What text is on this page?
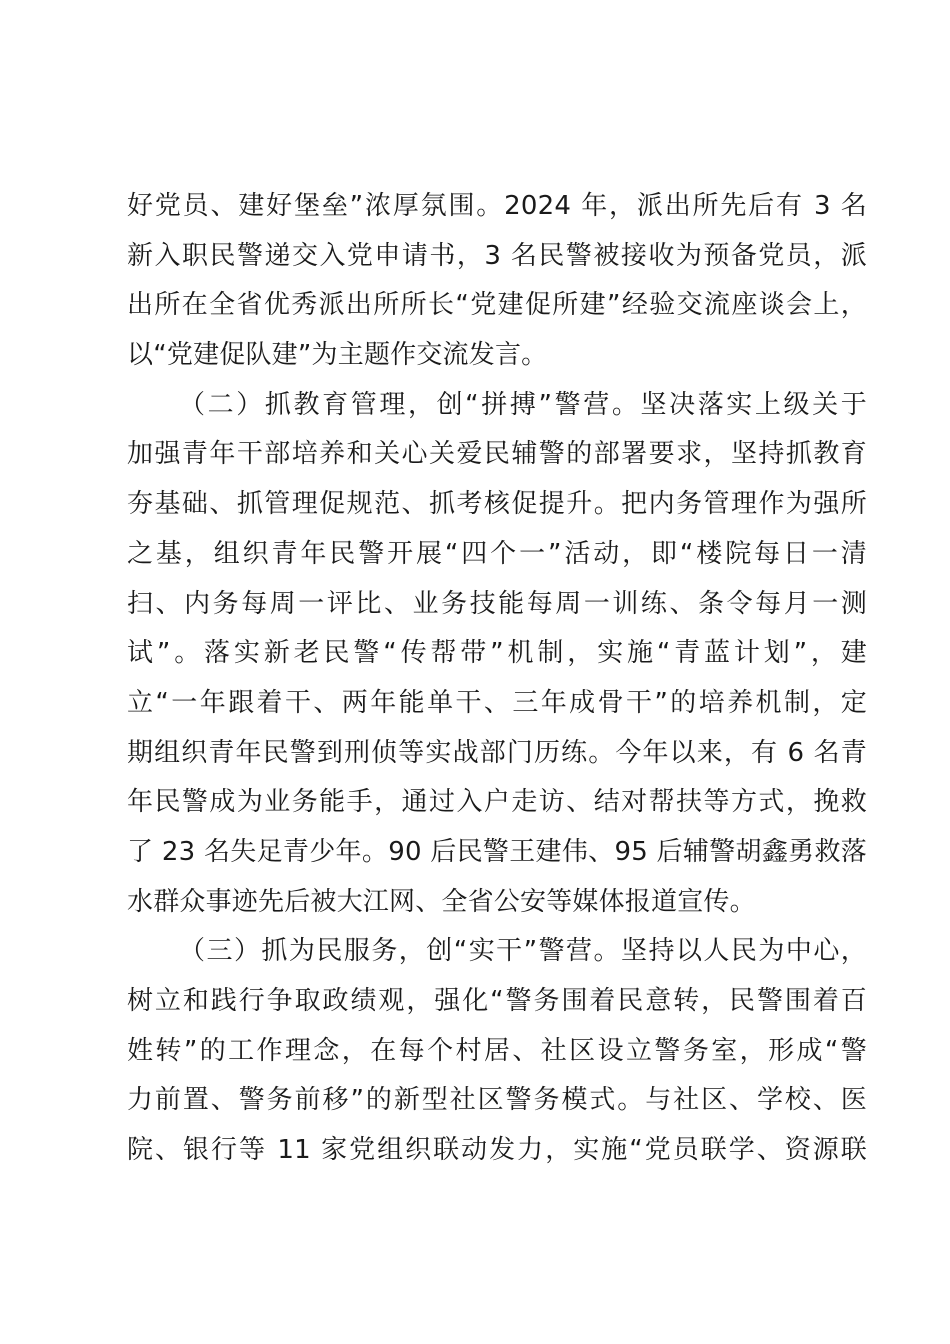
好党员、建好堡垒”浓厚氛围。2024 年，派出所先后有 3 名
新入职民警递交入党申请书，3 名民警被接收为预备党员，派
出所在全省优秀派出所所长“党建促所建”经验交流座谈会上，
以“党建促队建”为主题作交流发言。
（二）抓教育管理，创“拼搏”警营。坚决落实上级关于
加强青年干部培养和关心关爱民辅警的部署要求，坚持抓教育
夯基础、抓管理促规范、抓考核促提升。把内务管理作为强所
之基，组织青年民警开展“四个一”活动，即“楼院每日一清
扫、内务每周一评比、业务技能每周一训练、条令每月一测
试”。落实新老民警“传帮带”机制，实施“青蓝计划”，建
立“一年跟着干、两年能单干、三年成骨干”的培养机制，定
期组织青年民警到刑侦等实战部门历练。今年以来，有 6 名青
年民警成为业务能手，通过入户走访、结对帮扶等方式，挽救
了 23 名失足青少年。90 后民警王建伟、95 后辅警胡鑫勇救落
水群众事迹先后被大江网、全省公安等媒体报道宣传。
（三）抓为民服务，创“实干”警营。坚持以人民为中心，
树立和践行争取政绩观，强化“警务围着民意转，民警围着百
姓转”的工作理念，在每个村居、社区设立警务室，形成“警
力前置、警务前移”的新型社区警务模式。与社区、学校、医
院、银行等 11 家党组织联动发力，实施“党员联学、资源联
